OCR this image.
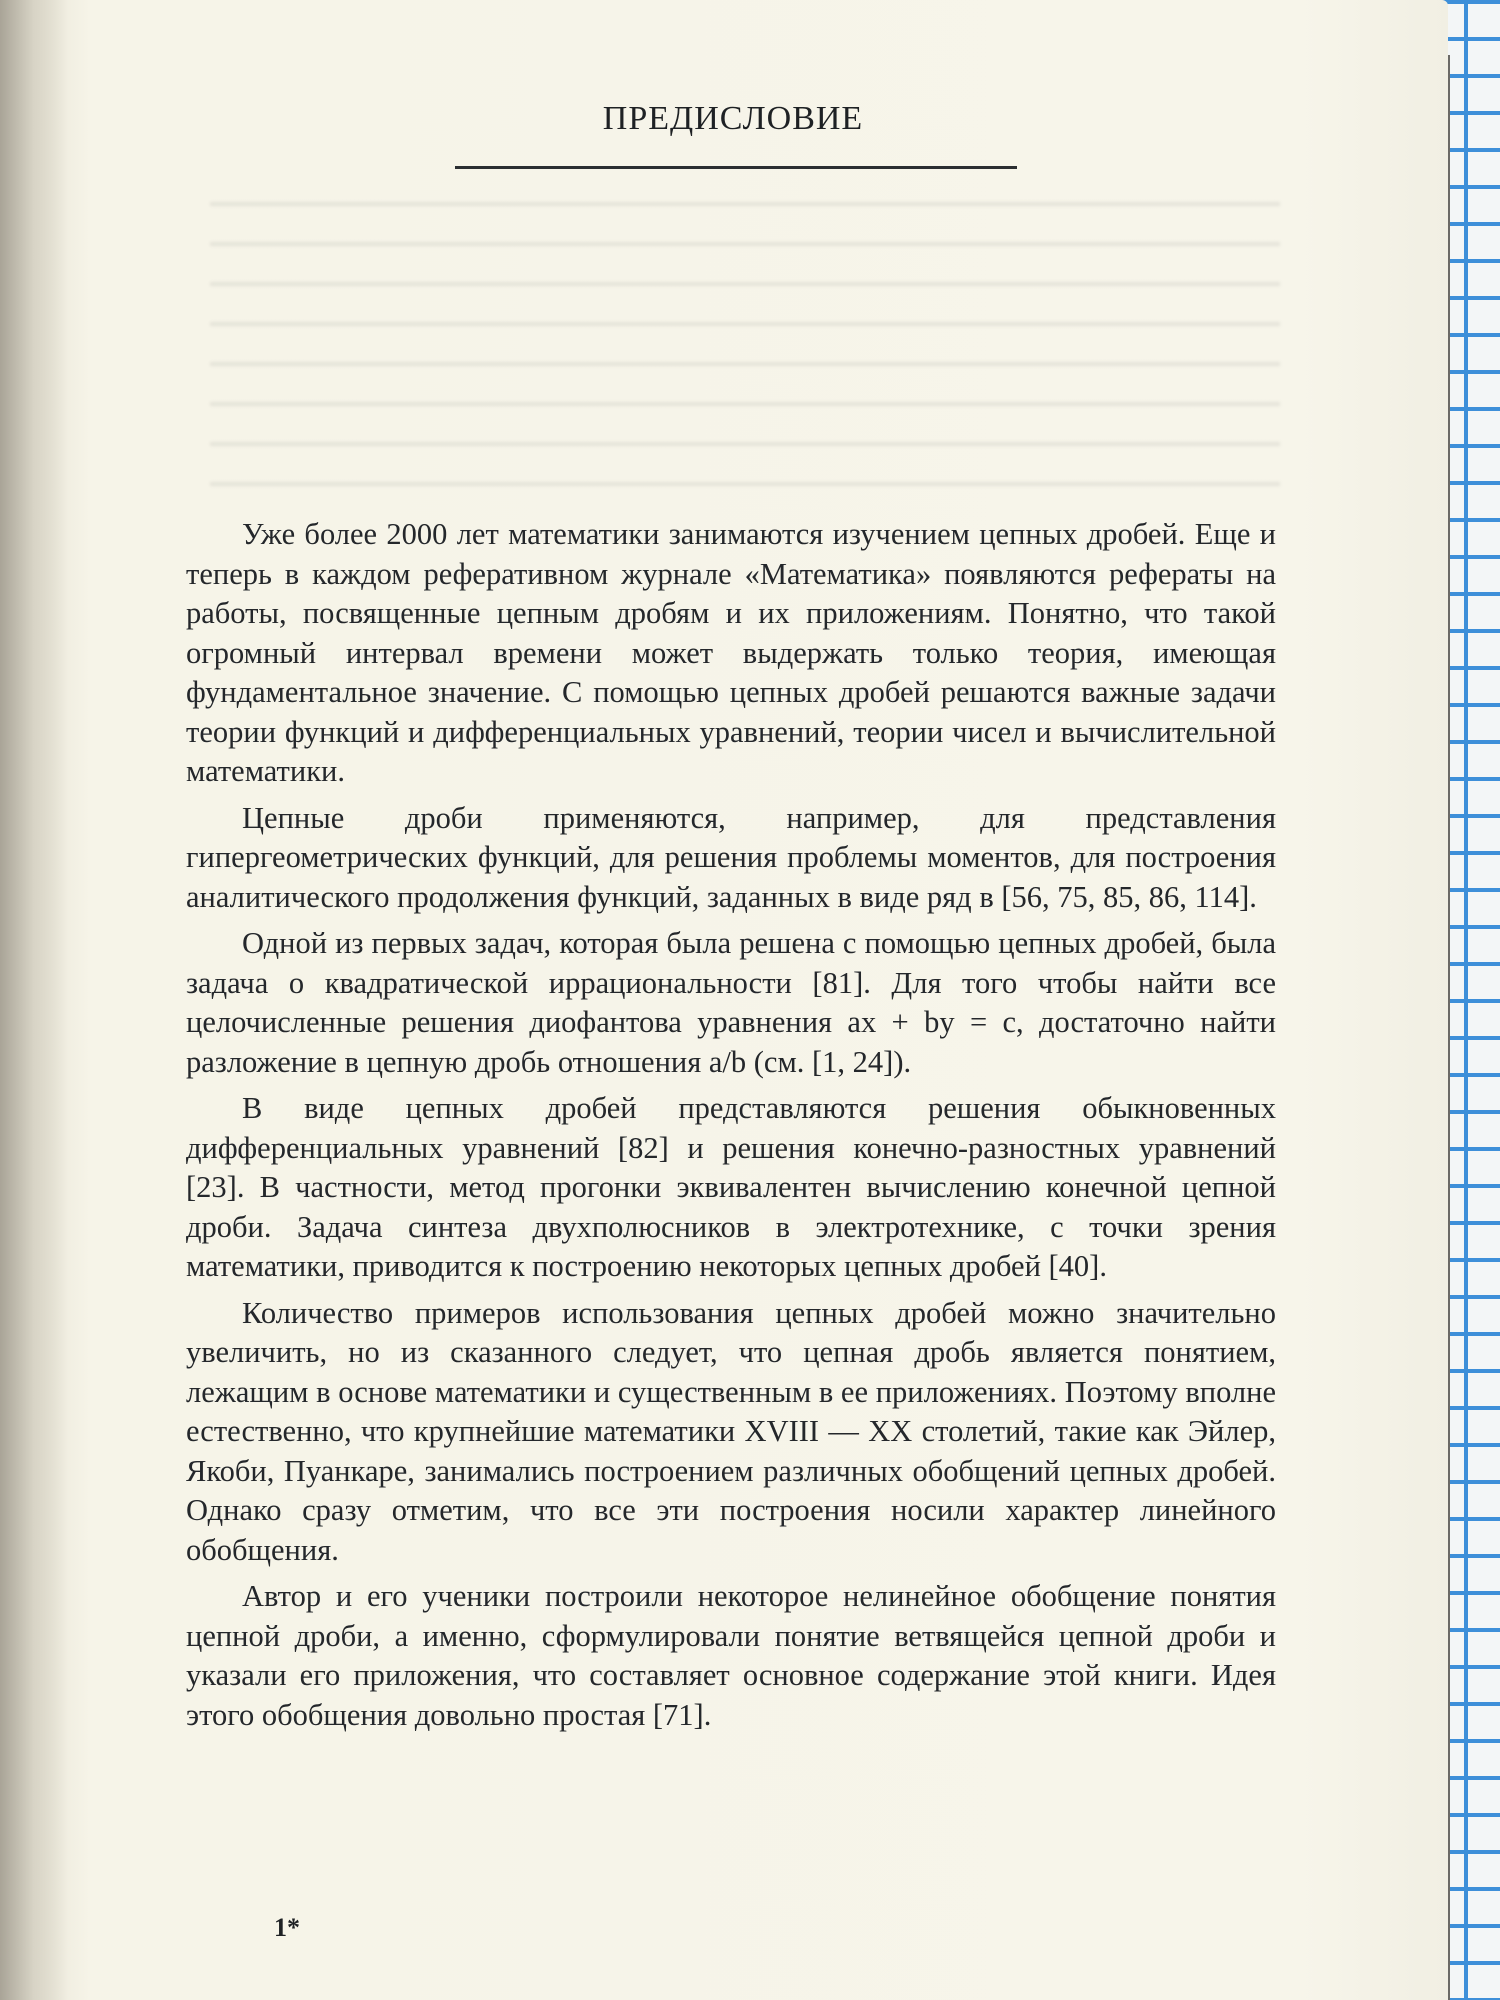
ПРЕДИСЛОВИЕ

Уже более 2000 лет математики занимаются изучением цепных дробей. Еще и теперь в каждом реферативном журнале «Математика» появляются рефераты на работы, посвященные цепным дробям и их приложениям. Понятно, что такой огромный интервал времени может выдержать только теория, имеющая фундаментальное значение. С помощью цепных дробей решаются важные задачи теории функций и дифференциальных уравнений, теории чисел и вычислительной математики.

Цепные дроби применяются, например, для представления гипергеометрических функций, для решения проблемы моментов, для построения аналитического продолжения функций, заданных в виде ряд в [56, 75, 85, 86, 114].

Одной из первых задач, которая была решена с помощью цепных дробей, была задача о квадратической иррациональности [81]. Для того чтобы найти все целочисленные решения диофантова уравнения ax + by = c, достаточно найти разложение в цепную дробь отношения a/b (см. [1, 24]).

В виде цепных дробей представляются решения обыкновенных дифференциальных уравнений [82] и решения конечно-разностных уравнений [23]. В частности, метод прогонки эквивалентен вычислению конечной цепной дроби. Задача синтеза двухполюсников в электротехнике, с точки зрения математики, приводится к построению некоторых цепных дробей [40].

Количество примеров использования цепных дробей можно значительно увеличить, но из сказанного следует, что цепная дробь является понятием, лежащим в основе математики и существенным в ее приложениях. Поэтому вполне естественно, что крупнейшие математики XVIII — XX столетий, такие как Эйлер, Якоби, Пуанкаре, занимались построением различных обобщений цепных дробей. Однако сразу отметим, что все эти построения носили характер линейного обобщения.

Автор и его ученики построили некоторое нелинейное обобщение понятия цепной дроби, а именно, сформулировали понятие ветвящейся цепной дроби и указали его приложения, что составляет основное содержание этой книги. Идея этого обобщения довольно простая [71].

1*
